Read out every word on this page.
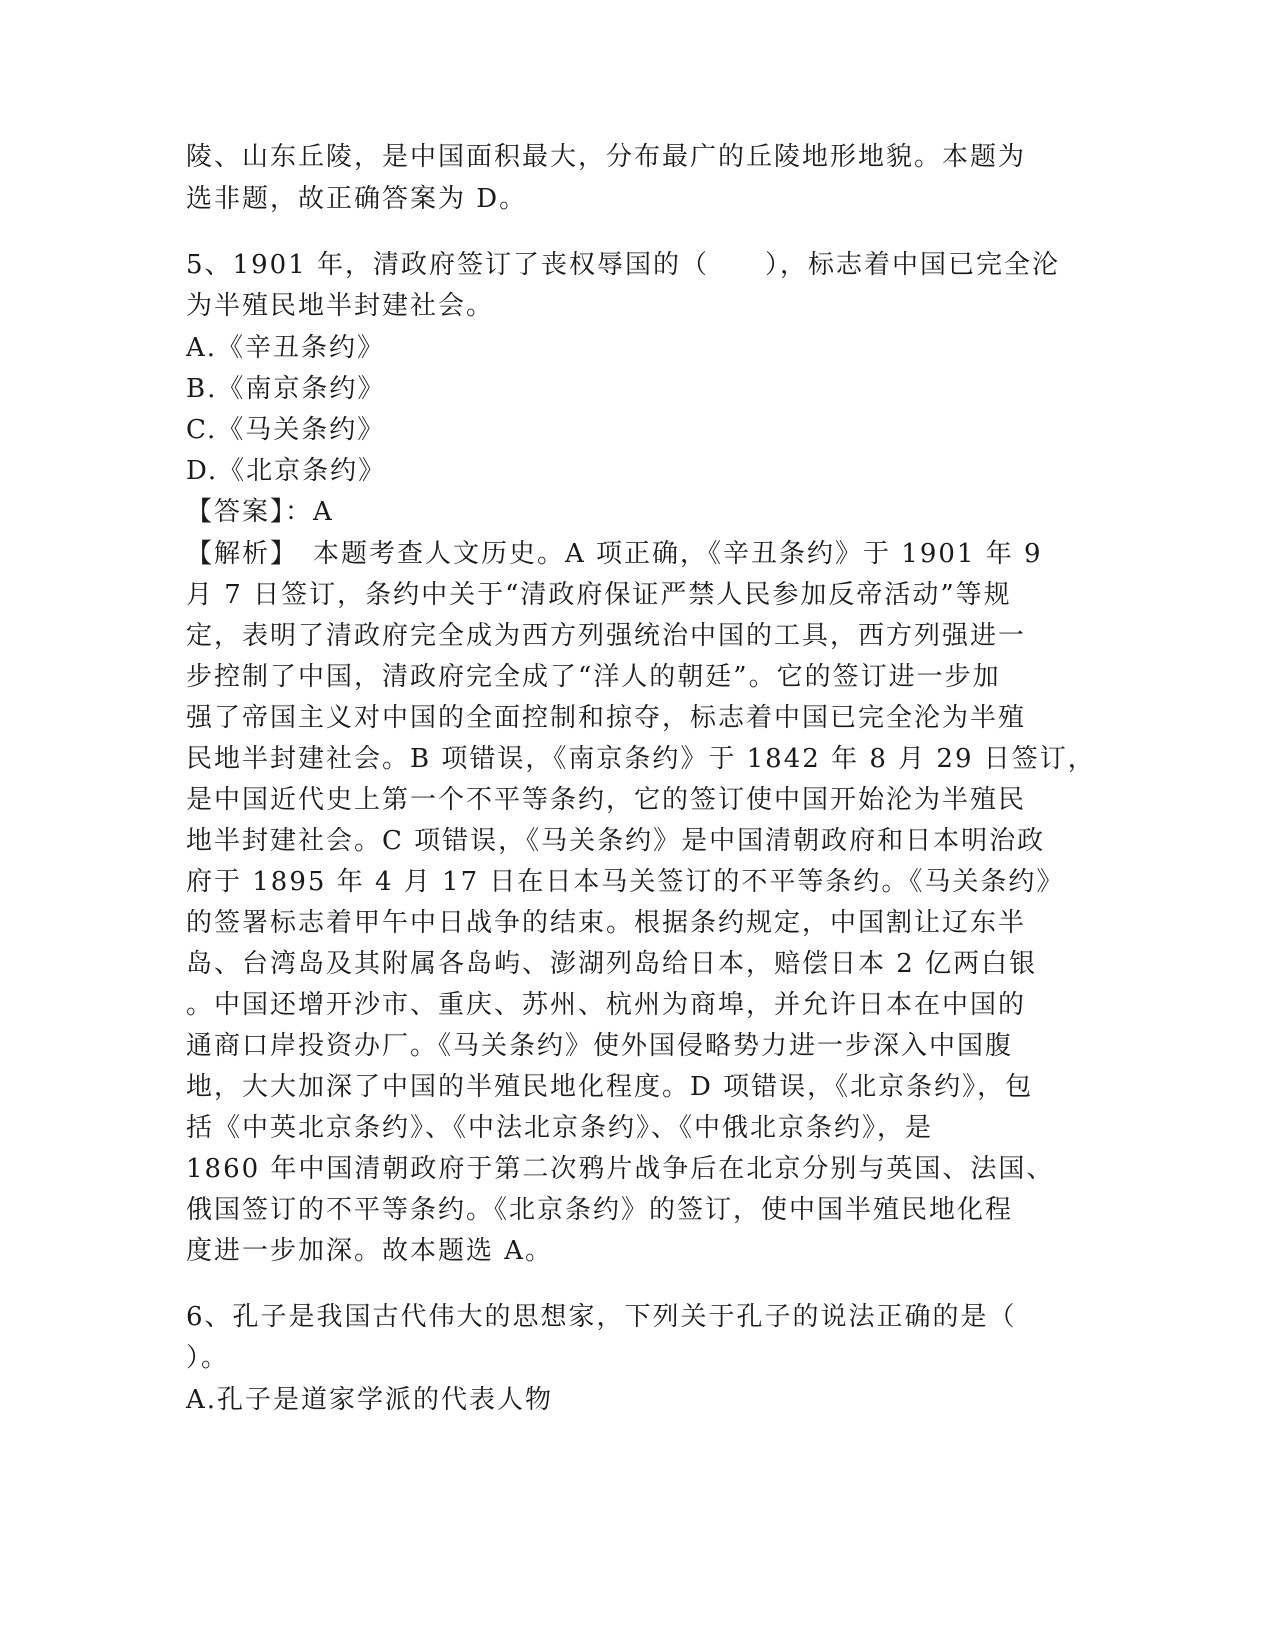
陵、山东丘陵，是中国面积最大，分布最广的丘陵地形地貌。本题为
选非题，故正确答案为 D。
5、1901 年，清政府签订了丧权辱国的（　　），标志着中国已完全沦
为半殖民地半封建社会。
A.《辛丑条约》
B.《南京条约》
C.《马关条约》
D.《北京条约》
【答案】：A
【解析】　本题考查人文历史。A 项正确，《辛丑条约》于 1901 年 9
月 7 日签订，条约中关于“清政府保证严禁人民参加反帝活动”等规
定，表明了清政府完全成为西方列强统治中国的工具，西方列强进一
步控制了中国，清政府完全成了“洋人的朝廷”。它的签订进一步加
强了帝国主义对中国的全面控制和掠夺，标志着中国已完全沦为半殖
民地半封建社会。B 项错误，《南京条约》于 1842 年 8 月 29 日签订，
是中国近代史上第一个不平等条约，它的签订使中国开始沦为半殖民
地半封建社会。C 项错误，《马关条约》是中国清朝政府和日本明治政
府于 1895 年 4 月 17 日在日本马关签订的不平等条约。《马关条约》
的签署标志着甲午中日战争的结束。根据条约规定，中国割让辽东半
岛、台湾岛及其附属各岛屿、澎湖列岛给日本，赔偿日本 2 亿两白银
。中国还增开沙市、重庆、苏州、杭州为商埠，并允许日本在中国的
通商口岸投资办厂。《马关条约》使外国侵略势力进一步深入中国腹
地，大大加深了中国的半殖民地化程度。D 项错误，《北京条约》，包
括《中英北京条约》、《中法北京条约》、《中俄北京条约》，是
1860 年中国清朝政府于第二次鸦片战争后在北京分别与英国、法国、
俄国签订的不平等条约。《北京条约》的签订，使中国半殖民地化程
度进一步加深。故本题选 A。
6、孔子是我国古代伟大的思想家，下列关于孔子的说法正确的是（
）。
A.孔子是道家学派的代表人物
